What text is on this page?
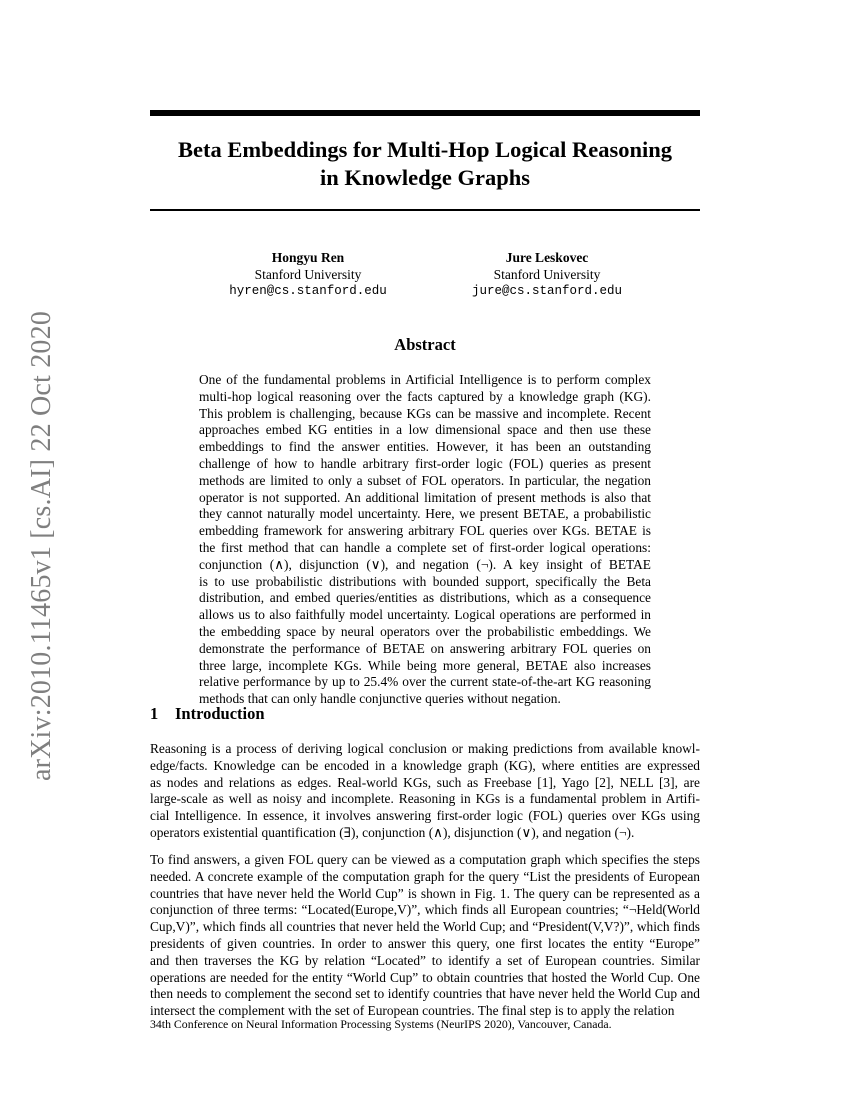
arXiv:2010.11465v1 [cs.AI] 22 Oct 2020
Beta Embeddings for Multi-Hop Logical Reasoning
in Knowledge Graphs
Hongyu Ren
Stanford University
hyren@cs.stanford.edu
Jure Leskovec
Stanford University
jure@cs.stanford.edu
Abstract
One of the fundamental problems in Artificial Intelligence is to perform complex
multi-hop logical reasoning over the facts captured by a knowledge graph (KG).
This problem is challenging, because KGs can be massive and incomplete. Recent
approaches embed KG entities in a low dimensional space and then use these
embeddings to find the answer entities. However, it has been an outstanding
challenge of how to handle arbitrary first-order logic (FOL) queries as present
methods are limited to only a subset of FOL operators. In particular, the negation
operator is not supported. An additional limitation of present methods is also that
they cannot naturally model uncertainty. Here, we present BETAE, a probabilistic
embedding framework for answering arbitrary FOL queries over KGs. BETAE is
the first method that can handle a complete set of first-order logical operations:
conjunction (∧), disjunction (∨), and negation (¬). A key insight of BETAE
is to use probabilistic distributions with bounded support, specifically the Beta
distribution, and embed queries/entities as distributions, which as a consequence
allows us to also faithfully model uncertainty. Logical operations are performed in
the embedding space by neural operators over the probabilistic embeddings. We
demonstrate the performance of BETAE on answering arbitrary FOL queries on
three large, incomplete KGs. While being more general, BETAE also increases
relative performance by up to 25.4% over the current state-of-the-art KG reasoning
methods that can only handle conjunctive queries without negation.
1 Introduction
Reasoning is a process of deriving logical conclusion or making predictions from available knowl-
edge/facts. Knowledge can be encoded in a knowledge graph (KG), where entities are expressed
as nodes and relations as edges. Real-world KGs, such as Freebase [1], Yago [2], NELL [3], are
large-scale as well as noisy and incomplete. Reasoning in KGs is a fundamental problem in Artifi-
cial Intelligence. In essence, it involves answering first-order logic (FOL) queries over KGs using
operators existential quantification (∃), conjunction (∧), disjunction (∨), and negation (¬).
To find answers, a given FOL query can be viewed as a computation graph which specifies the steps
needed. A concrete example of the computation graph for the query “List the presidents of European
countries that have never held the World Cup” is shown in Fig. 1. The query can be represented as a
conjunction of three terms: “Located(Europe,V)”, which finds all European countries; “¬Held(World
Cup,V)”, which finds all countries that never held the World Cup; and “President(V,V?)”, which finds
presidents of given countries. In order to answer this query, one first locates the entity “Europe”
and then traverses the KG by relation “Located” to identify a set of European countries. Similar
operations are needed for the entity “World Cup” to obtain countries that hosted the World Cup. One
then needs to complement the second set to identify countries that have never held the World Cup and
intersect the complement with the set of European countries. The final step is to apply the relation
34th Conference on Neural Information Processing Systems (NeurIPS 2020), Vancouver, Canada.
